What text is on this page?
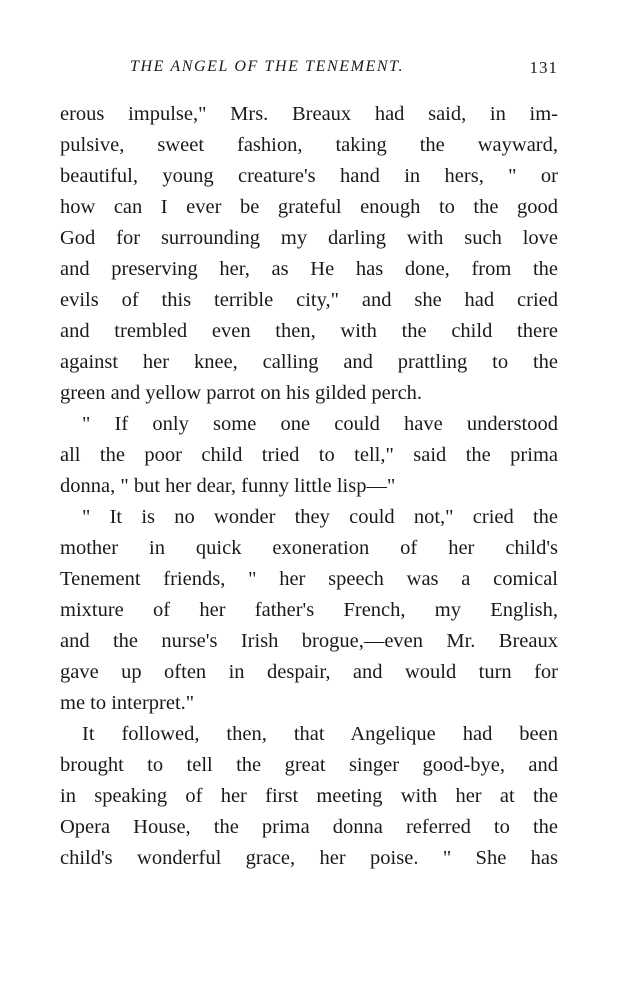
THE ANGEL OF THE TENEMENT.	131
erous impulse," Mrs. Breaux had said, in im-
pulsive, sweet fashion, taking the wayward,
beautiful, young creature's hand in hers, " or
how can I ever be grateful enough to the good
God for surrounding my darling with such love
and preserving her, as He has done, from the
evils of this terrible city," and she had cried
and trembled even then, with the child there
against her knee, calling and prattling to the
green and yellow parrot on his gilded perch.
" If only some one could have understood
all the poor child tried to tell," said the prima
donna, " but her dear, funny little lisp—"
" It is no wonder they could not," cried the
mother in quick exoneration of her child's
Tenement friends, " her speech was a comical
mixture of her father's French, my English,
and the nurse's Irish brogue,—even Mr. Breaux
gave up often in despair, and would turn for
me to interpret."
It followed, then, that Angelique had been
brought to tell the great singer good-bye, and
in speaking of her first meeting with her at the
Opera House, the prima donna referred to the
child's wonderful grace, her poise. " She has
